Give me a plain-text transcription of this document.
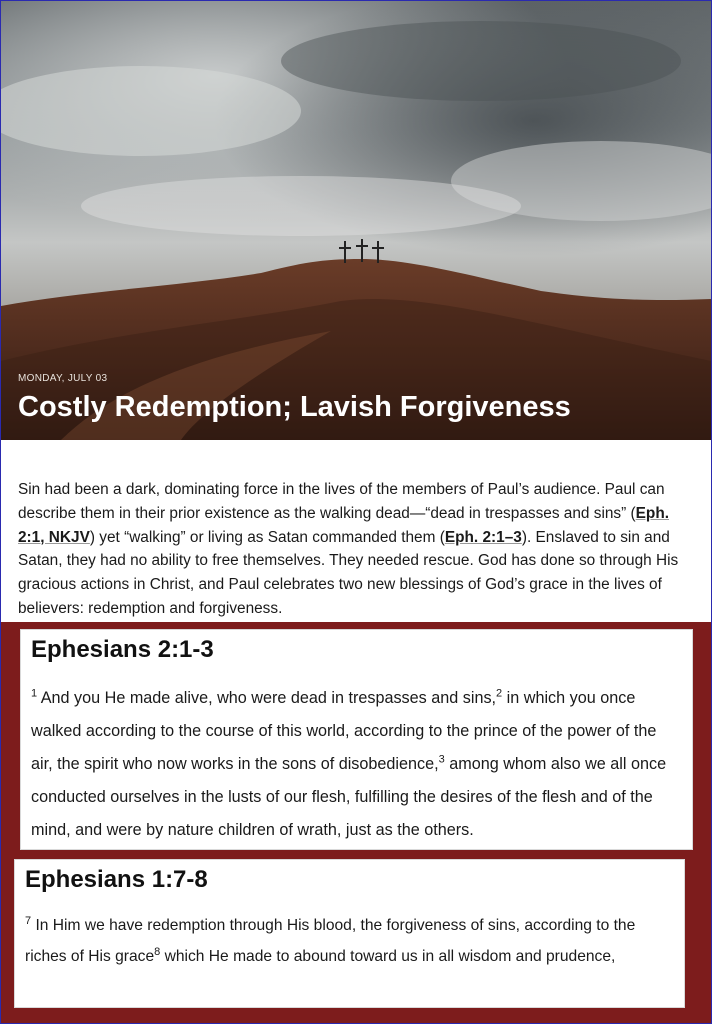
MONDAY, JULY 03
Costly Redemption; Lavish Forgiveness
Sin had been a dark, dominating force in the lives of the members of Paul’s audience. Paul can describe them in their prior existence as the walking dead—“dead in trespasses and sins” (Eph. 2:1, NKJV) yet “walking” or living as Satan commanded them (Eph. 2:1–3). Enslaved to sin and Satan, they had no ability to free themselves. They needed rescue. God has done so through His gracious actions in Christ, and Paul celebrates two new blessings of God’s grace in the lives of believers: redemption and forgiveness.
Ephesians 2:1-3
$^1$ And you He made alive, who were dead in trespasses and sins,$^2$ in which you once walked according to the course of this world, according to the prince of the power of the air, the spirit who now works in the sons of disobedience,$^3$ among whom also we all once conducted ourselves in the lusts of our flesh, fulfilling the desires of the flesh and of the mind, and were by nature children of wrath, just as the others.
Ephesians 1:7-8
$^7$ In Him we have redemption through His blood, the forgiveness of sins, according to the riches of His grace$^8$ which He made to abound toward us in all wisdom and prudence,
